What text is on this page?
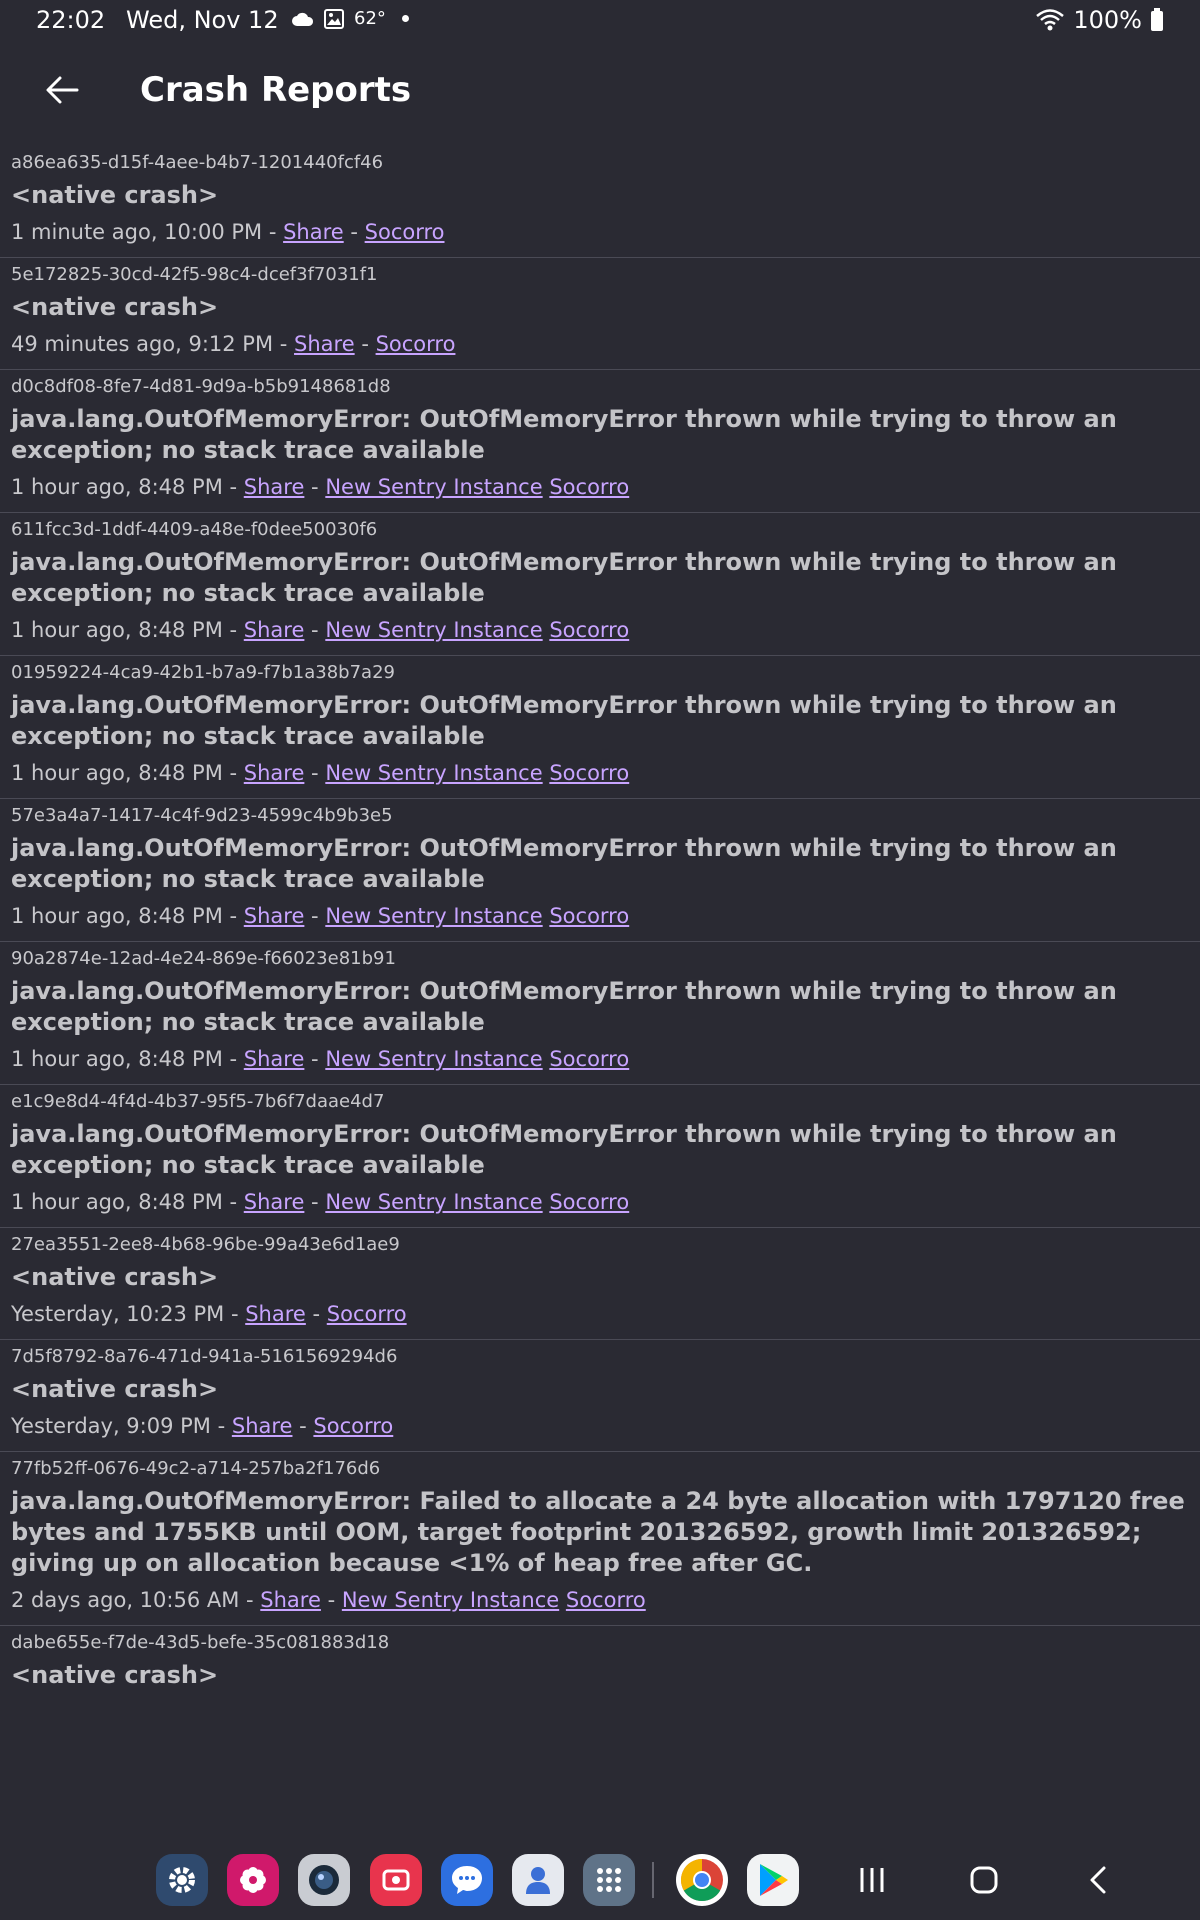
22:02 Wed, Nov 12	62°	100%
Crash Reports
a86ea635-d15f-4aee-b4b7-1201440fcf46
<native crash>
1 minute ago, 10:00 PM - Share - Socorro
5e172825-30cd-42f5-98c4-dcef3f7031f1
<native crash>
49 minutes ago, 9:12 PM - Share - Socorro
d0c8df08-8fe7-4d81-9d9a-b5b9148681d8
java.lang.OutOfMemoryError: OutOfMemoryError thrown while trying to throw an exception; no stack trace available
1 hour ago, 8:48 PM - Share - New Sentry Instance Socorro
611fcc3d-1ddf-4409-a48e-f0dee50030f6
java.lang.OutOfMemoryError: OutOfMemoryError thrown while trying to throw an exception; no stack trace available
1 hour ago, 8:48 PM - Share - New Sentry Instance Socorro
01959224-4ca9-42b1-b7a9-f7b1a38b7a29
java.lang.OutOfMemoryError: OutOfMemoryError thrown while trying to throw an exception; no stack trace available
1 hour ago, 8:48 PM - Share - New Sentry Instance Socorro
57e3a4a7-1417-4c4f-9d23-4599c4b9b3e5
java.lang.OutOfMemoryError: OutOfMemoryError thrown while trying to throw an exception; no stack trace available
1 hour ago, 8:48 PM - Share - New Sentry Instance Socorro
90a2874e-12ad-4e24-869e-f66023e81b91
java.lang.OutOfMemoryError: OutOfMemoryError thrown while trying to throw an exception; no stack trace available
1 hour ago, 8:48 PM - Share - New Sentry Instance Socorro
e1c9e8d4-4f4d-4b37-95f5-7b6f7daae4d7
java.lang.OutOfMemoryError: OutOfMemoryError thrown while trying to throw an exception; no stack trace available
1 hour ago, 8:48 PM - Share - New Sentry Instance Socorro
27ea3551-2ee8-4b68-96be-99a43e6d1ae9
<native crash>
Yesterday, 10:23 PM - Share - Socorro
7d5f8792-8a76-471d-941a-5161569294d6
<native crash>
Yesterday, 9:09 PM - Share - Socorro
77fb52ff-0676-49c2-a714-257ba2f176d6
java.lang.OutOfMemoryError: Failed to allocate a 24 byte allocation with 1797120 free bytes and 1755KB until OOM, target footprint 201326592, growth limit 201326592; giving up on allocation because <1% of heap free after GC.
2 days ago, 10:56 AM - Share - New Sentry Instance Socorro
dabe655e-f7de-43d5-befe-35c081883d18
<native crash>
